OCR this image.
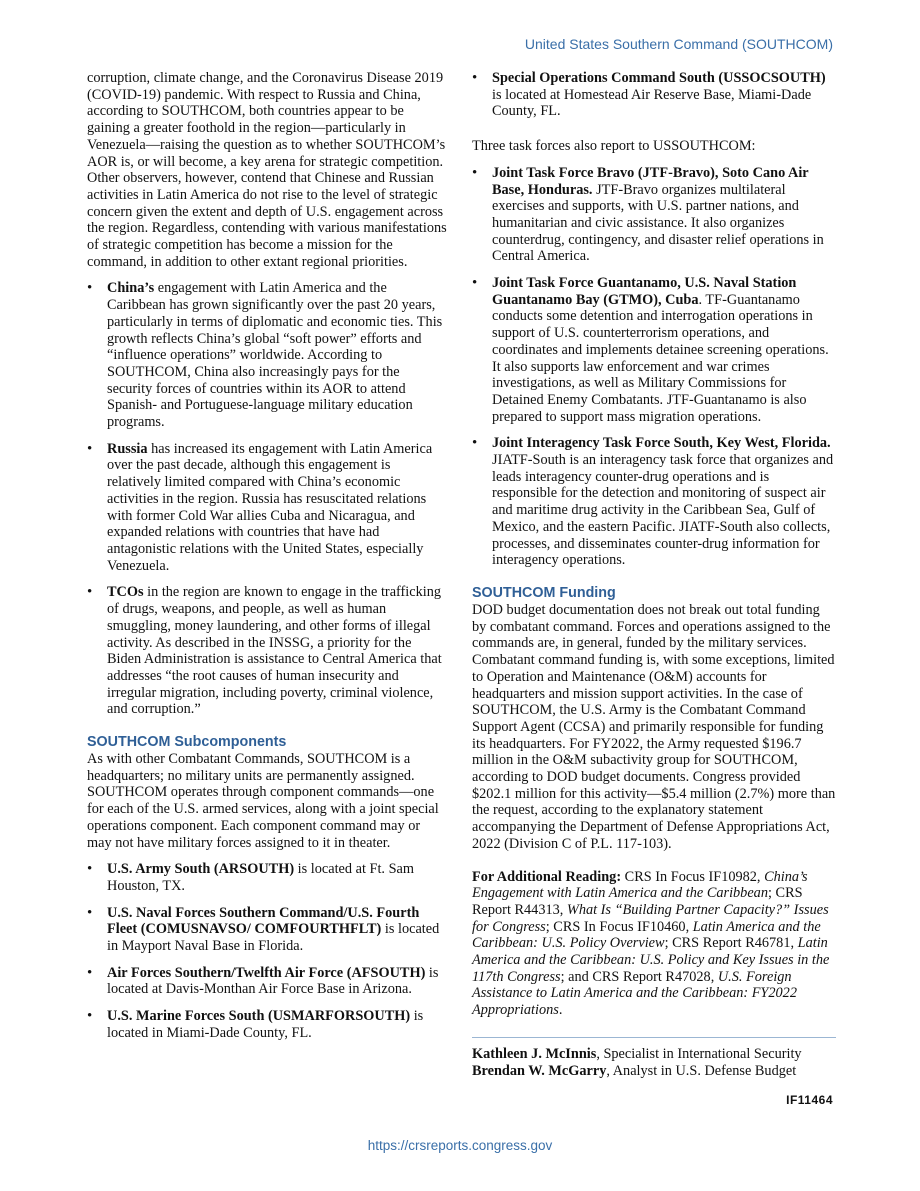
United States Southern Command (SOUTHCOM)

corruption, climate change, and the Coronavirus Disease 2019 (COVID-19) pandemic. With respect to Russia and China, according to SOUTHCOM, both countries appear to be gaining a greater foothold in the region—particularly in Venezuela—raising the question as to whether SOUTHCOM’s AOR is, or will become, a key arena for strategic competition. Other observers, however, contend that Chinese and Russian activities in Latin America do not rise to the level of strategic concern given the extent and depth of U.S. engagement across the region. Regardless, contending with various manifestations of strategic competition has become a mission for the command, in addition to other extant regional priorities.

• China’s engagement with Latin America and the Caribbean has grown significantly over the past 20 years, particularly in terms of diplomatic and economic ties. This growth reflects China’s global “soft power” efforts and “influence operations” worldwide. According to SOUTHCOM, China also increasingly pays for the security forces of countries within its AOR to attend Spanish- and Portuguese-language military education programs.
• Russia has increased its engagement with Latin America over the past decade, although this engagement is relatively limited compared with China’s economic activities in the region. Russia has resuscitated relations with former Cold War allies Cuba and Nicaragua, and expanded relations with countries that have had antagonistic relations with the United States, especially Venezuela.
• TCOs in the region are known to engage in the trafficking of drugs, weapons, and people, as well as human smuggling, money laundering, and other forms of illegal activity. As described in the INSSG, a priority for the Biden Administration is assistance to Central America that addresses “the root causes of human insecurity and irregular migration, including poverty, criminal violence, and corruption.”
SOUTHCOM Subcomponents

As with other Combatant Commands, SOUTHCOM is a headquarters; no military units are permanently assigned. SOUTHCOM operates through component commands—one for each of the U.S. armed services, along with a joint special operations component. Each component command may or may not have military forces assigned to it in theater.

• U.S. Army South (ARSOUTH) is located at Ft. Sam Houston, TX.
• U.S. Naval Forces Southern Command/U.S. Fourth Fleet (COMUSNAVSO/ COMFOURTHFLT) is located in Mayport Naval Base in Florida.
• Air Forces Southern/Twelfth Air Force (AFSOUTH) is located at Davis-Monthan Air Force Base in Arizona.
• U.S. Marine Forces South (USMARFORSOUTH) is located in Miami-Dade County, FL.
• Special Operations Command South (USSOCSOUTH) is located at Homestead Air Reserve Base, Miami-Dade County, FL.

Three task forces also report to USSOUTHCOM:

• Joint Task Force Bravo (JTF-Bravo), Soto Cano Air Base, Honduras. JTF-Bravo organizes multilateral exercises and supports, with U.S. partner nations, and humanitarian and civic assistance. It also organizes counterdrug, contingency, and disaster relief operations in Central America.
• Joint Task Force Guantanamo, U.S. Naval Station Guantanamo Bay (GTMO), Cuba. TF-Guantanamo conducts some detention and interrogation operations in support of U.S. counterterrorism operations, and coordinates and implements detainee screening operations. It also supports law enforcement and war crimes investigations, as well as Military Commissions for Detained Enemy Combatants. JTF-Guantanamo is also prepared to support mass migration operations.
• Joint Interagency Task Force South, Key West, Florida. JIATF-South is an interagency task force that organizes and leads interagency counter-drug operations and is responsible for the detection and monitoring of suspect air and maritime drug activity in the Caribbean Sea, Gulf of Mexico, and the eastern Pacific. JIATF-South also collects, processes, and disseminates counter-drug information for interagency operations.
SOUTHCOM Funding

DOD budget documentation does not break out total funding by combatant command. Forces and operations assigned to the commands are, in general, funded by the military services. Combatant command funding is, with some exceptions, limited to Operation and Maintenance (O&M) accounts for headquarters and mission support activities. In the case of SOUTHCOM, the U.S. Army is the Combatant Command Support Agent (CCSA) and primarily responsible for funding its headquarters. For FY2022, the Army requested $196.7 million in the O&M subactivity group for SOUTHCOM, according to DOD budget documents. Congress provided $202.1 million for this activity—$5.4 million (2.7%) more than the request, according to the explanatory statement accompanying the Department of Defense Appropriations Act, 2022 (Division C of P.L. 117-103).

For Additional Reading: CRS In Focus IF10982, China’s Engagement with Latin America and the Caribbean; CRS Report R44313, What Is “Building Partner Capacity?” Issues for Congress; CRS In Focus IF10460, Latin America and the Caribbean: U.S. Policy Overview; CRS Report R46781, Latin America and the Caribbean: U.S. Policy and Key Issues in the 117th Congress; and CRS Report R47028, U.S. Foreign Assistance to Latin America and the Caribbean: FY2022 Appropriations.

Kathleen J. McInnis, Specialist in International Security

Brendan W. McGarry, Analyst in U.S. Defense Budget

IF11464
https://crsreports.congress.gov
